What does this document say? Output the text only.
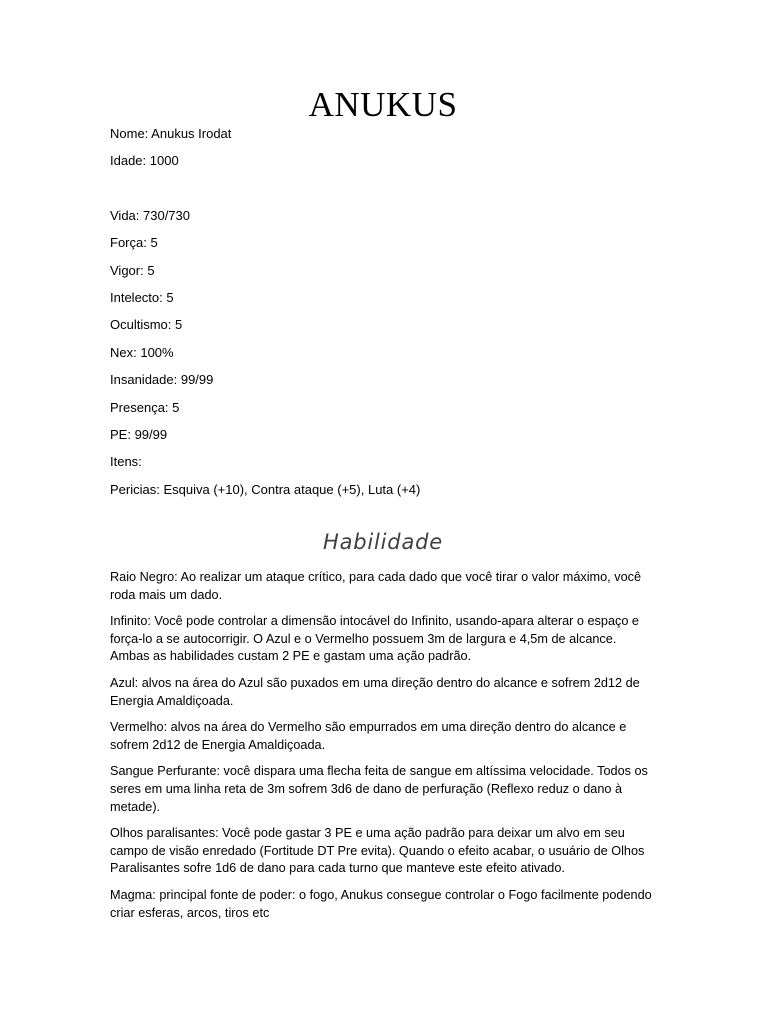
ANUKUS
Nome: Anukus Irodat
Idade: 1000
Vida: 730/730
Força: 5
Vigor: 5
Intelecto: 5
Ocultismo: 5
Nex: 100%
Insanidade: 99/99
Presença: 5
PE: 99/99
Itens:
Pericias: Esquiva (+10), Contra ataque (+5), Luta (+4)
Habilidade

Raio Negro: Ao realizar um ataque crítico, para cada dado que você tirar o valor máximo, você roda mais um dado.

Infinito: Você pode controlar a dimensão intocável do Infinito, usando-apara alterar o espaço e força-lo a se autocorrigir. O Azul e o Vermelho possuem 3m de largura e 4,5m de alcance. Ambas as habilidades custam 2 PE e gastam uma ação padrão.

Azul: alvos na área do Azul são puxados em uma direção dentro do alcance e sofrem 2d12 de Energia Amaldiçoada.

Vermelho: alvos na área do Vermelho são empurrados em uma direção dentro do alcance e sofrem 2d12 de Energia Amaldiçoada.

Sangue Perfurante: você dispara uma flecha feita de sangue em altíssima velocidade. Todos os seres em uma linha reta de 3m sofrem 3d6 de dano de perfuração (Reflexo reduz o dano à metade).

Olhos paralisantes: Você pode gastar 3 PE e uma ação padrão para deixar um alvo em seu campo de visão enredado (Fortitude DT Pre evita). Quando o efeito acabar, o usuário de Olhos Paralisantes sofre 1d6 de dano para cada turno que manteve este efeito ativado.

Magma: principal fonte de poder: o fogo, Anukus consegue controlar o Fogo facilmente podendo criar esferas, arcos, tiros etc
